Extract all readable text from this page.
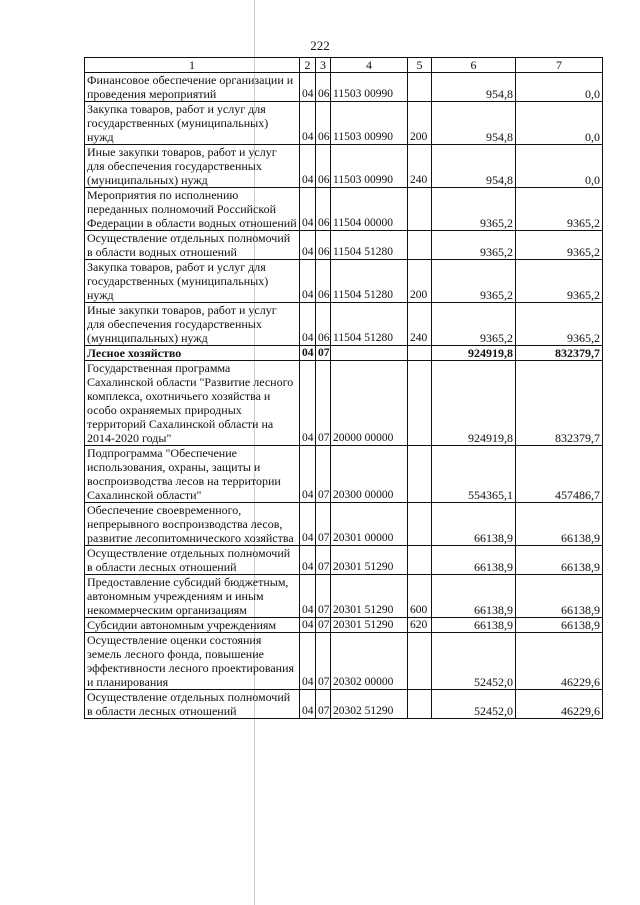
222
1	2	3	4	5	6	7
Финансовое обеспечение организации и проведения мероприятий	04	06	11503 00990		954,8	0,0
Закупка товаров, работ и услуг для государственных (муниципальных) нужд	04	06	11503 00990	200	954,8	0,0
Иные закупки товаров, работ и услуг для обеспечения государственных (муниципальных) нужд	04	06	11503 00990	240	954,8	0,0
Мероприятия по исполнению переданных полномочий Российской Федерации в области водных отношений	04	06	11504 00000		9365,2	9365,2
Осуществление отдельных полномочий в области водных отношений	04	06	11504 51280		9365,2	9365,2
Закупка товаров, работ и услуг для государственных (муниципальных) нужд	04	06	11504 51280	200	9365,2	9365,2
Иные закупки товаров, работ и услуг для обеспечения государственных (муниципальных) нужд	04	06	11504 51280	240	9365,2	9365,2
Лесное хозяйство	04	07			924919,8	832379,7
Государственная программа Сахалинской области "Развитие лесного комплекса, охотничьего хозяйства и особо охраняемых природных территорий Сахалинской области на 2014-2020 годы"	04	07	20000 00000		924919,8	832379,7
Подпрограмма "Обеспечение использования, охраны, защиты и воспроизводства лесов на территории Сахалинской области"	04	07	20300 00000		554365,1	457486,7
Обеспечение своевременного, непрерывного воспроизводства лесов, развитие лесопитомнического хозяйства	04	07	20301 00000		66138,9	66138,9
Осуществление отдельных полномочий в области лесных отношений	04	07	20301 51290		66138,9	66138,9
Предоставление субсидий бюджетным, автономным учреждениям и иным некоммерческим организациям	04	07	20301 51290	600	66138,9	66138,9
Субсидии автономным учреждениям	04	07	20301 51290	620	66138,9	66138,9
Осуществление оценки состояния земель лесного фонда, повышение эффективности лесного проектирования и планирования	04	07	20302 00000		52452,0	46229,6
Осуществление отдельных полномочий в области лесных отношений	04	07	20302 51290		52452,0	46229,6
